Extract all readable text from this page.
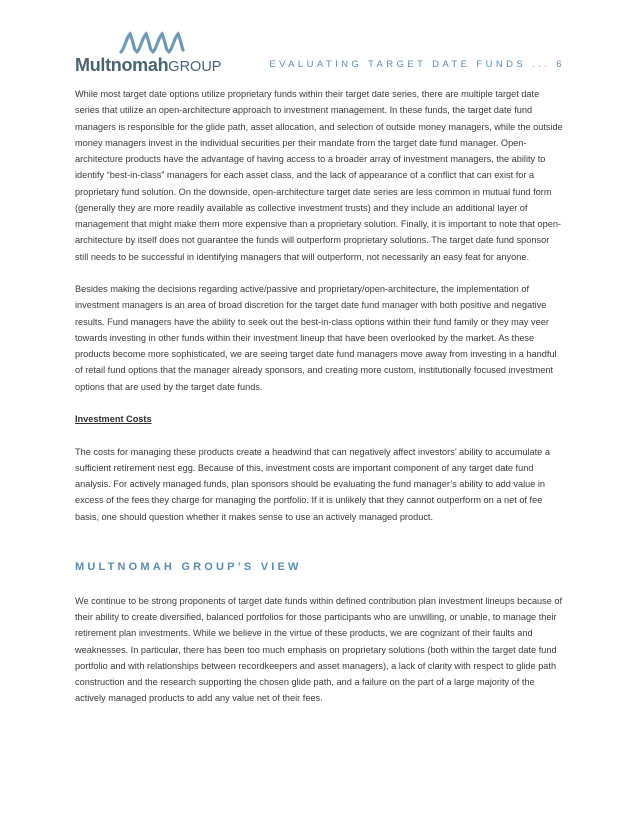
MultnomahGROUP	EVALUATING TARGET DATE FUNDS ... 6

While most target date options utilize proprietary funds within their target date series, there are multiple target date series that utilize an open-architecture approach to investment management. In these funds, the target date fund managers is responsible for the glide path, asset allocation, and selection of outside money managers, while the outside money managers invest in the individual securities per their mandate from the target date fund manager. Open-architecture products have the advantage of having access to a broader array of investment managers, the ability to identify “best-in-class” managers for each asset class, and the lack of appearance of a conflict that can exist for a proprietary fund solution. On the downside, open-architecture target date series are less common in mutual fund form (generally they are more readily available as collective investment trusts) and they include an additional layer of management that might make them more expensive than a proprietary solution. Finally, it is important to note that open-architecture by itself does not guarantee the funds will outperform proprietary solutions. The target date fund sponsor still needs to be successful in identifying managers that will outperform, not necessarily an easy feat for anyone.

Besides making the decisions regarding active/passive and proprietary/open-architecture, the implementation of investment managers is an area of broad discretion for the target date fund manager with both positive and negative results. Fund managers have the ability to seek out the best-in-class options within their fund family or they may veer towards investing in other funds within their investment lineup that have been overlooked by the market. As these products become more sophisticated, we are seeing target date fund managers move away from investing in a handful of retail fund options that the manager already sponsors, and creating more custom, institutionally focused investment options that are used by the target date funds.

Investment Costs

The costs for managing these products create a headwind that can negatively affect investors’ ability to accumulate a sufficient retirement nest egg. Because of this, investment costs are important component of any target date fund analysis. For actively managed funds, plan sponsors should be evaluating the fund manager’s ability to add value in excess of the fees they charge for managing the portfolio. If it is unlikely that they cannot outperform on a net of fee basis, one should question whether it makes sense to use an actively managed product.

MULTNOMAH GROUP’S VIEW

We continue to be strong proponents of target date funds within defined contribution plan investment lineups because of their ability to create diversified, balanced portfolios for those participants who are unwilling, or unable, to manage their retirement plan investments. While we believe in the virtue of these products, we are cognizant of their faults and weaknesses. In particular, there has been too much emphasis on proprietary solutions (both within the target date fund portfolio and with relationships between recordkeepers and asset managers), a lack of clarity with respect to glide path construction and the research supporting the chosen glide path, and a failure on the part of a large majority of the actively managed products to add any value net of their fees.
